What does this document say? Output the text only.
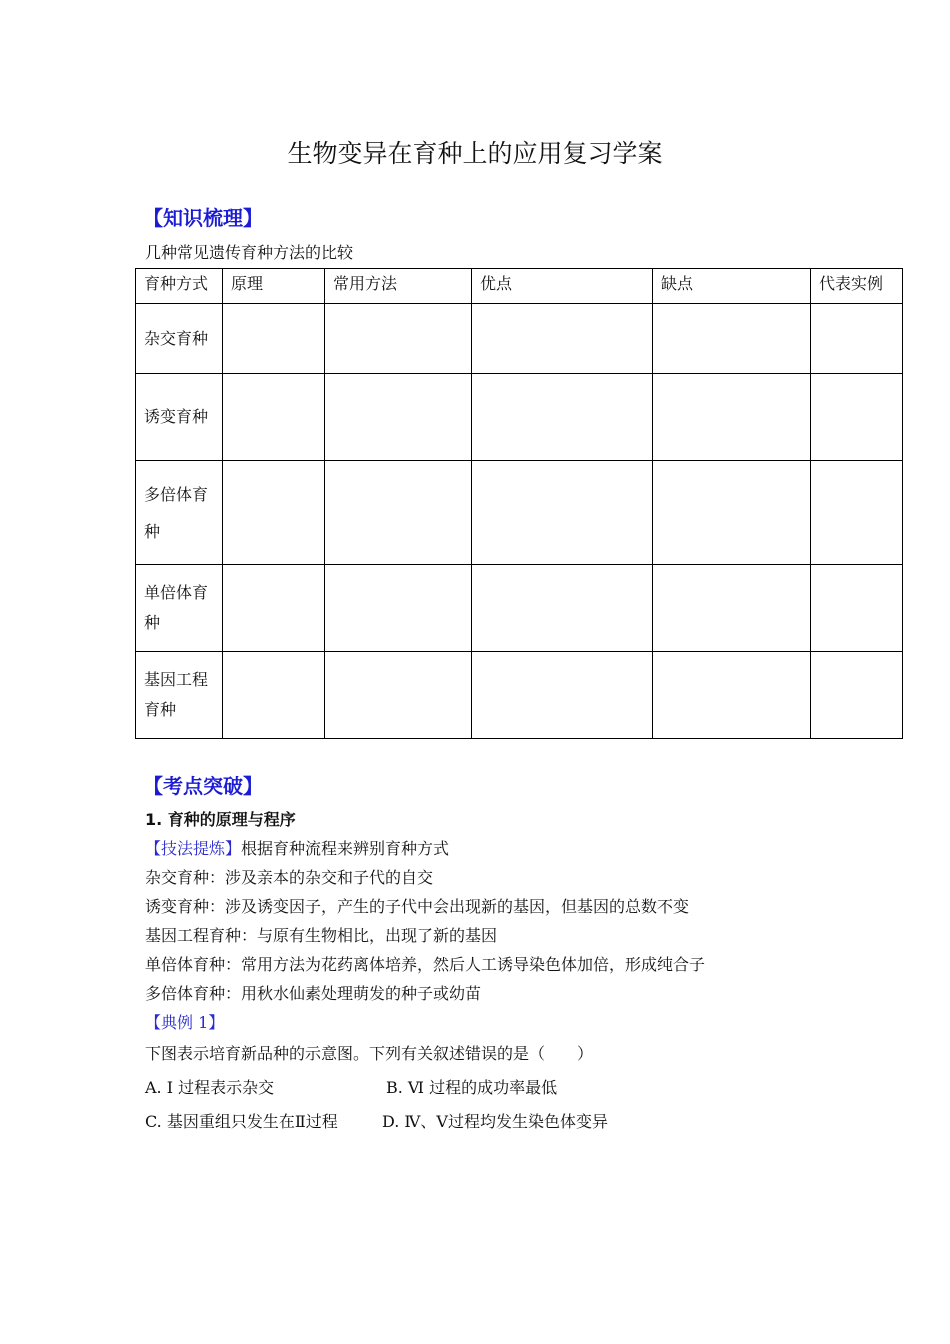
生物变异在育种上的应用复习学案
【知识梳理】
几种常见遗传育种方法的比较
育种方式	原理	常用方法	优点	缺点	代表实例
杂交育种					
诱变育种					

多倍体育
种					

单倍体育
种					

基因工程
育种					

【考点突破】
1. 育种的原理与程序
【技法提炼】根据育种流程来辨别育种方式
杂交育种：涉及亲本的杂交和子代的自交
诱变育种：涉及诱变因子，产生的子代中会出现新的基因，但基因的总数不变
基因工程育种：与原有生物相比，出现了新的基因
单倍体育种：常用方法为花药离体培养，然后人工诱导染色体加倍，形成纯合子
多倍体育种：用秋水仙素处理萌发的种子或幼苗
【典例 1】
下图表示培育新品种的示意图。下列有关叙述错误的是（　　）
A. Ⅰ 过程表示杂交	B. Ⅵ 过程的成功率最低
C. 基因重组只发生在Ⅱ过程	D. Ⅳ、Ⅴ过程均发生染色体变异
